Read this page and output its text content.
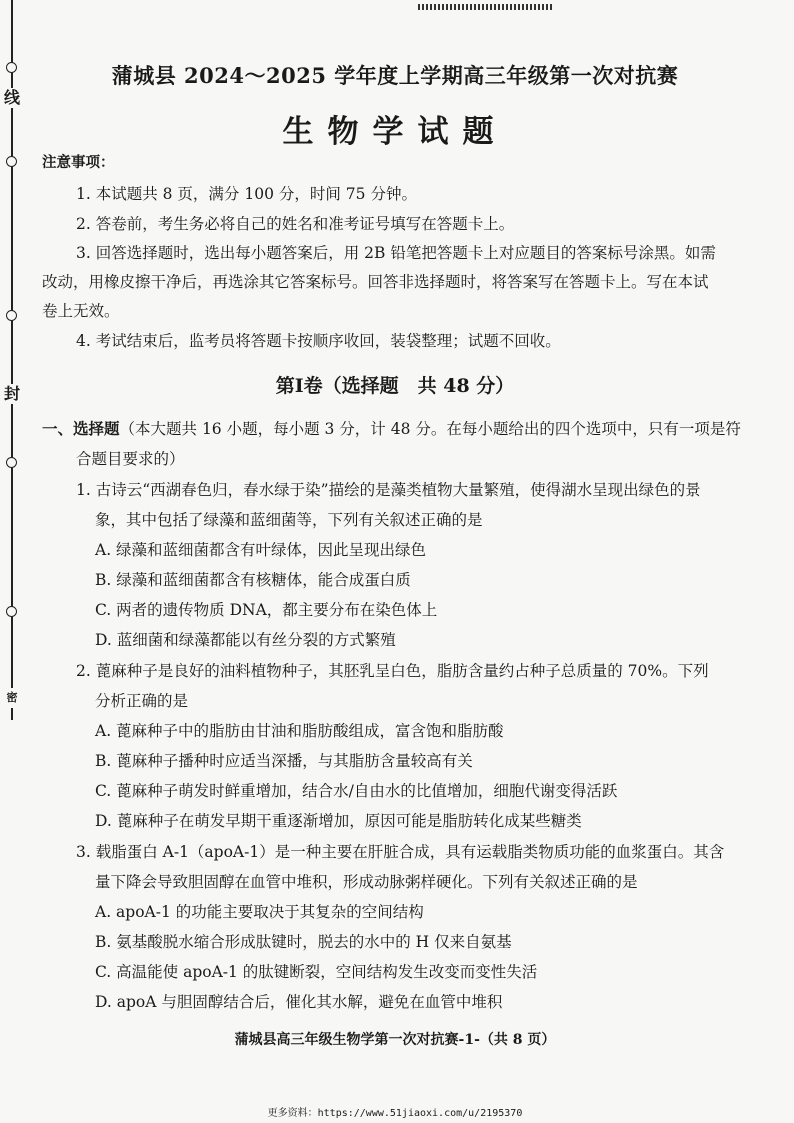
线
封
密
蒲城县 2024～2025 学年度上学期高三年级第一次对抗赛
生物学试题
注意事项：
1. 本试题共 8 页，满分 100 分，时间 75 分钟。
2. 答卷前，考生务必将自己的姓名和准考证号填写在答题卡上。
3. 回答选择题时，选出每小题答案后，用 2B 铅笔把答题卡上对应题目的答案标号涂黑。如需
改动，用橡皮擦干净后，再选涂其它答案标号。回答非选择题时，将答案写在答题卡上。写在本试
卷上无效。
4. 考试结束后，监考员将答题卡按顺序收回，装袋整理；试题不回收。
第Ⅰ卷（选择题　共 48 分）
一、选择题（本大题共 16 小题，每小题 3 分，计 48 分。在每小题给出的四个选项中，只有一项是符
合题目要求的）
1. 古诗云“西湖春色归，春水绿于染”描绘的是藻类植物大量繁殖，使得湖水呈现出绿色的景
象，其中包括了绿藻和蓝细菌等，下列有关叙述正确的是
A. 绿藻和蓝细菌都含有叶绿体，因此呈现出绿色
B. 绿藻和蓝细菌都含有核糖体，能合成蛋白质
C. 两者的遗传物质 DNA，都主要分布在染色体上
D. 蓝细菌和绿藻都能以有丝分裂的方式繁殖
2. 蓖麻种子是良好的油料植物种子，其胚乳呈白色，脂肪含量约占种子总质量的 70%。下列
分析正确的是
A. 蓖麻种子中的脂肪由甘油和脂肪酸组成，富含饱和脂肪酸
B. 蓖麻种子播种时应适当深播，与其脂肪含量较高有关
C. 蓖麻种子萌发时鲜重增加，结合水/自由水的比值增加，细胞代谢变得活跃
D. 蓖麻种子在萌发早期干重逐渐增加，原因可能是脂肪转化成某些糖类
3. 载脂蛋白 A-1（apoA-1）是一种主要在肝脏合成，具有运载脂类物质功能的血浆蛋白。其含
量下降会导致胆固醇在血管中堆积，形成动脉粥样硬化。下列有关叙述正确的是
A. apoA-1 的功能主要取决于其复杂的空间结构
B. 氨基酸脱水缩合形成肽键时，脱去的水中的 H 仅来自氨基
C. 高温能使 apoA-1 的肽键断裂，空间结构发生改变而变性失活
D. apoA 与胆固醇结合后，催化其水解，避免在血管中堆积
蒲城县高三年级生物学第一次对抗赛-1-（共 8 页）
更多资料：https://www.51jiaoxi.com/u/2195370
